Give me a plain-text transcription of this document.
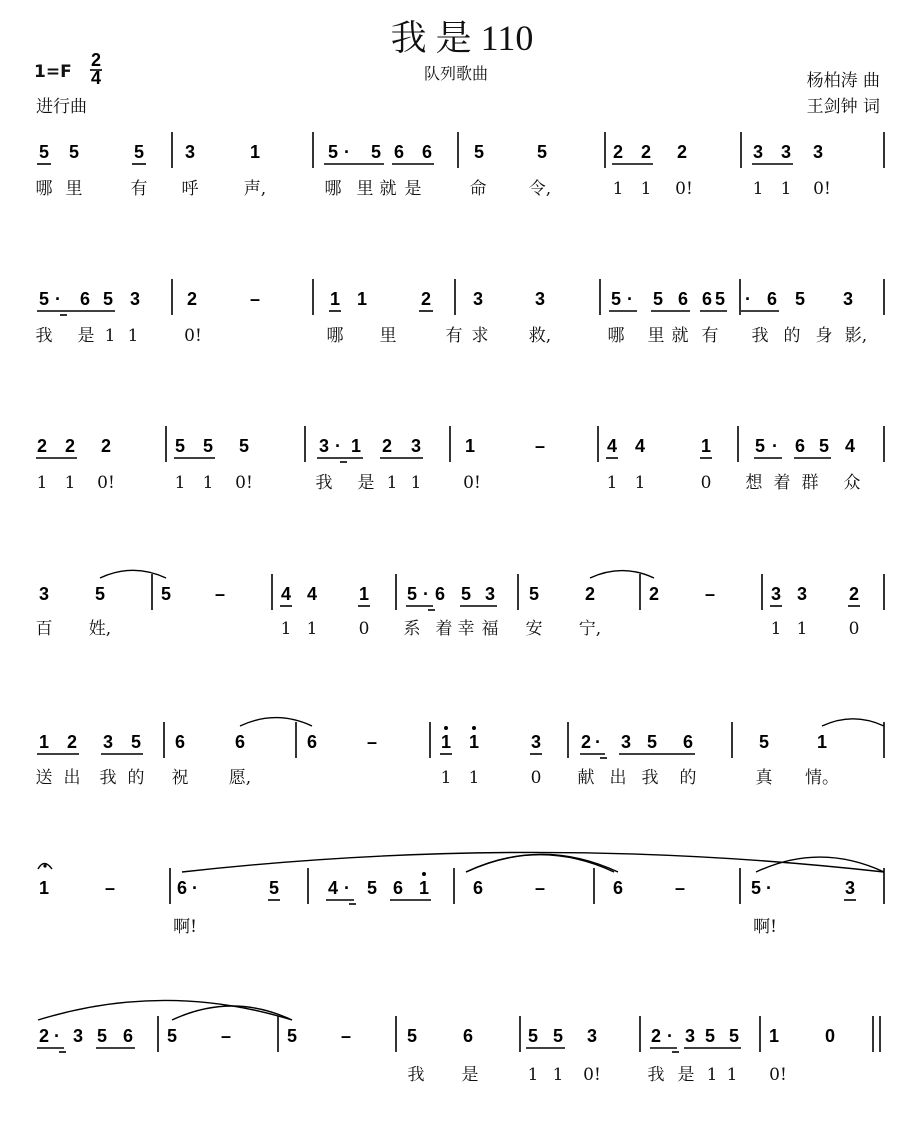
我 是 110
队列歌曲
1=F
2
4
进行曲
杨柏涛 曲
王剑钟 词
5 5	5 3	1	5 · 5 6 6 5	5	2 2 2	3 3 3
哪 里	有 呼	声,	哪 里 就 是	命 令,	1 1 0!	1 1 0!
5 · 6 5 3	2	–	1 1	2 3	3	5 · 5 6 6 5 · 6 5 3
我 是 1 1	0!	哪 里	有 求 救,	哪 里 就 有 我 的 身 影,
2 2 2	5 5 5	3 · 1 2 3 1	–	4 4	1 5 · 6 5 4
1 1 0!	1 1 0!	我 是 1 1 0!	1 1	0 想 着 群 众
3	5	5 –	4 4 1 5 · 6 5 3 5	2	2	–	3 3 2
百 姓,	1 1 0 系 着 幸 福 安 宁,	1 1 0
1 2 3 5 6	6	6	–	1 1	3 2 · 3 5 6	5	1
送 出 我 的 祝 愿,	1 1	0 献 出 我 的	真 情。
1	–	6 ·	5	4 · 5 6 1 6	–	6	–	5 ·	3
啊!	啊!
2 · 3 5 6 5 –	5 –	5	6	5 5 3	2 · 3 5 5 1	0
我 是	1 1 0!	我 是 1 1 0!
